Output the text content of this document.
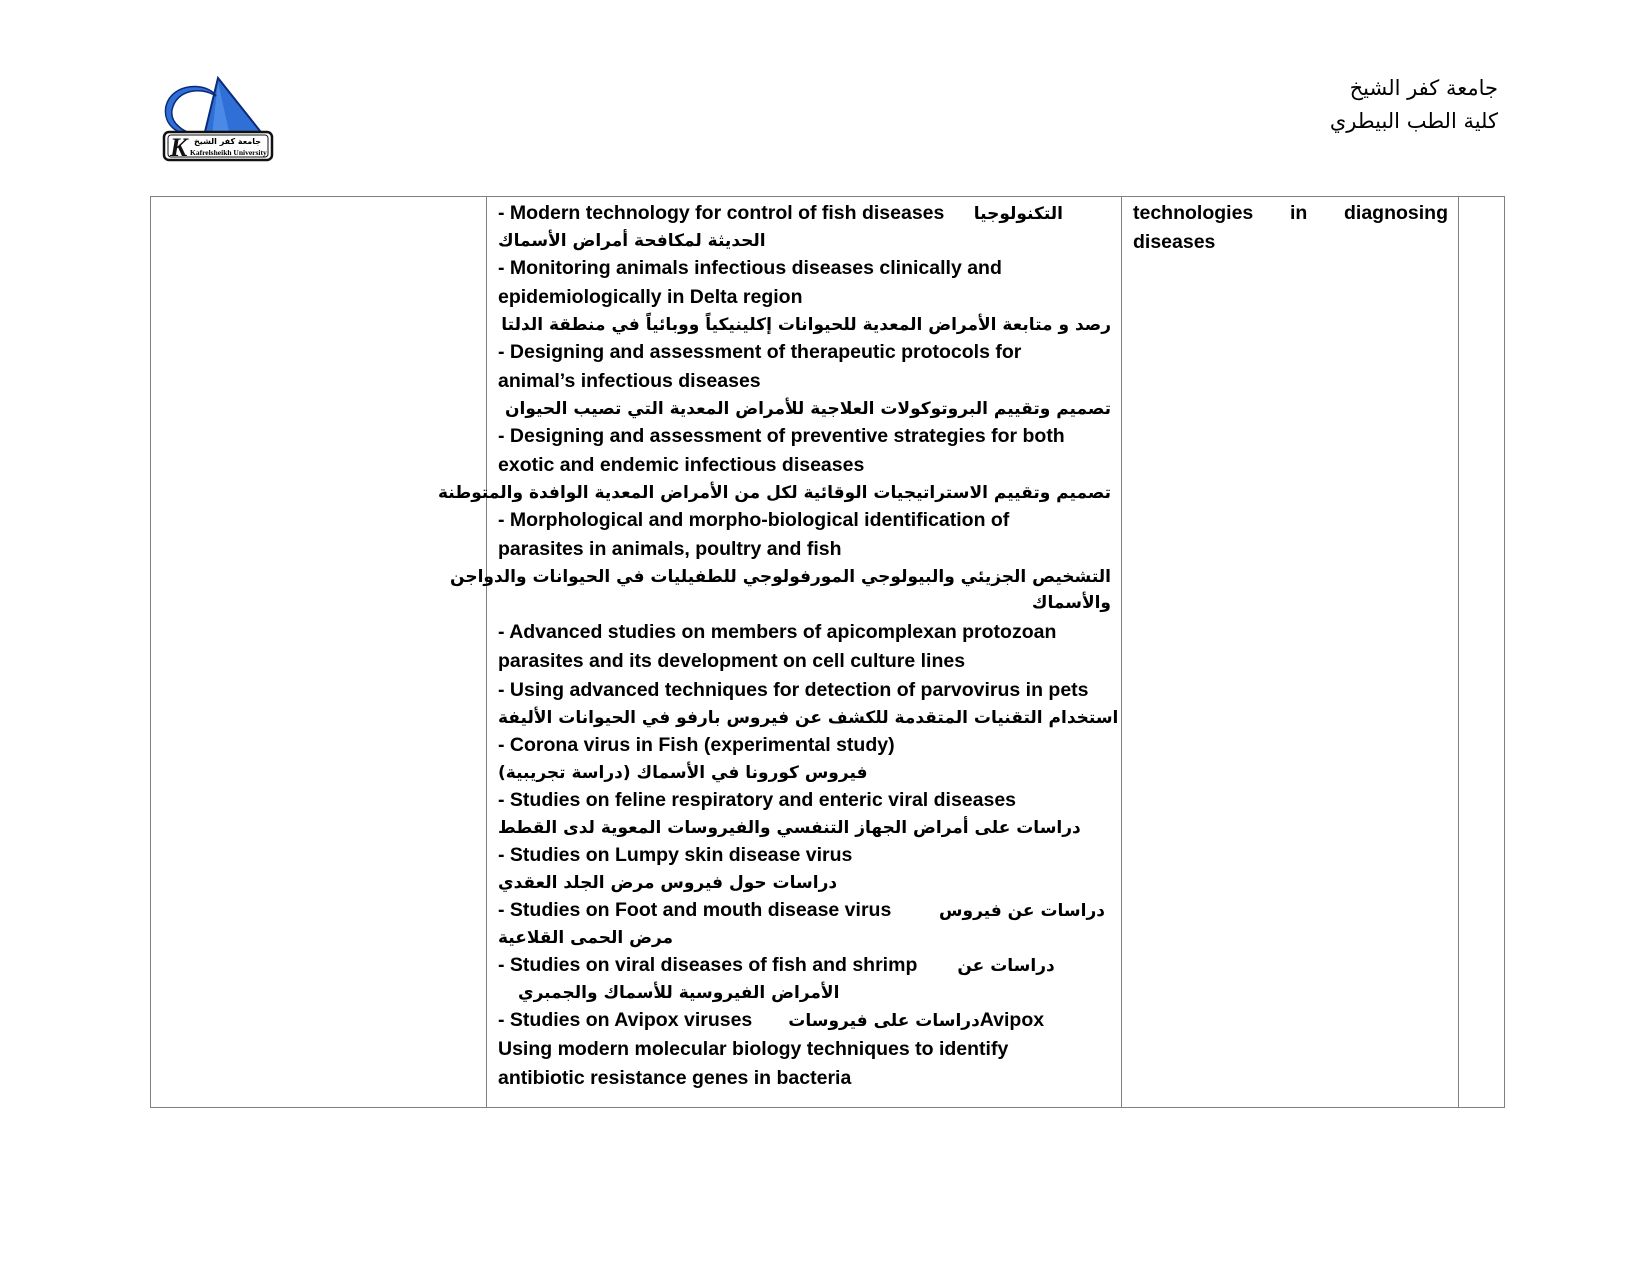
K جامعة كفر الشيخ
Kafrelsheikh University
جامعة كفر الشيخ
كلية الطب البيطري

- Modern technology for control of fish diseases التكنولوجيا
الحديثة لمكافحة أمراض الأسماك
- Monitoring animals infectious diseases clinically and
epidemiologically in Delta region
رصد و متابعة الأمراض المعدية للحيوانات إكلينيكياً ووبائياً في منطقة الدلتا
- Designing and assessment of therapeutic protocols for
animal’s infectious diseases
تصميم وتقييم البروتوكولات العلاجية للأمراض المعدية التي تصيب الحيوان
- Designing and assessment of preventive strategies for both
exotic and endemic infectious diseases
تصميم وتقييم الاستراتيجيات الوقائية لكل من الأمراض المعدية الوافدة والمتوطنة
- Morphological and morpho-biological identification of
parasites in animals, poultry and fish
التشخيص الجزيئي والبيولوجي المورفولوجي للطفيليات في الحيوانات والدواجن
والأسماك
- Advanced studies on members of apicomplexan protozoan
parasites and its development on cell culture lines
- Using advanced techniques for detection of parvovirus in pets
استخدام التقنيات المتقدمة للكشف عن فيروس بارفو في الحيوانات الأليفة
- Corona virus in Fish (experimental study)
فيروس كورونا في الأسماك (دراسة تجريبية)
- Studies on feline respiratory and enteric viral diseases
دراسات على أمراض الجهاز التنفسي والفيروسات المعوية لدى القطط
- Studies on Lumpy skin disease virus
دراسات حول فيروس مرض الجلد العقدي
- Studies on Foot and mouth disease virus	دراسات عن فيروس
مرض الحمى القلاعية
- Studies on viral diseases of fish and shrimp دراسات عن
الأمراض الفيروسية للأسماك والجمبري
- Studies on Avipox viruses دراسات على فيروسات Avipox
Using modern molecular biology techniques to identify
antibiotic resistance genes in bacteria

technologies in diagnosing
diseases
